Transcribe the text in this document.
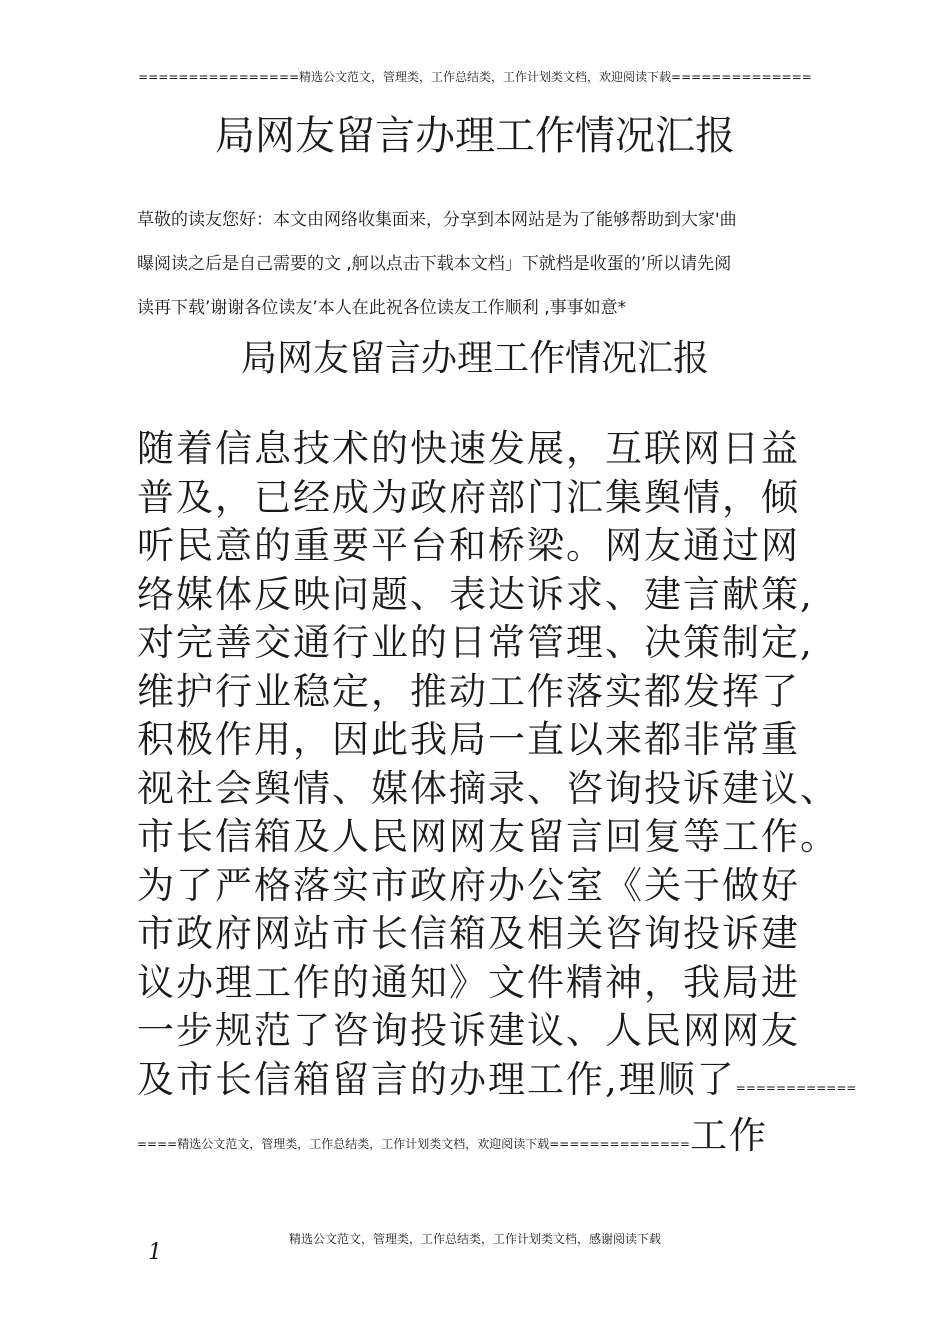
================精选公文范文，管理类，工作总结类，工作计划类文档，欢迎阅读下载==============
局网友留言办理工作情况汇报

草敬的读友您好：本文由网络收集面来，分享到本网站是为了能够帮助到大家'曲

曝阅读之后是自己需要的文 ,舸以点击下载本文档」下就档是收蛋的’所以请先阅

读再下载’谢谢各位读友’本人在此祝各位读友工作顺利 ,事事如意*

局网友留言办理工作情况汇报

随着信息技术的快速发展，互联网日益

普及，已经成为政府部门汇集舆情，倾

听民意的重要平台和桥梁。网友通过网

络媒体反映问题、表达诉求、建言献策,

对完善交通行业的日常管理、决策制定,

维护行业稳定，推动工作落实都发挥了

积极作用，因此我局一直以来都非常重

视社会舆情、媒体摘录、咨询投诉建议、

市长信箱及人民网网友留言回复等工作。

为了严格落实市政府办公室《关于做好

市政府网站市长信箱及相关咨询投诉建

议办理工作的通知》文件精神，我局进

一步规范了咨询投诉建议、人民网网友

及市长信箱留言的办理工作,理顺了============

====精选公文范文，管理类，工作总结类，工作计划类文档，欢迎阅读下载==============工作

精选公文范文，管理类，工作总结类，工作计划类文档，感谢阅读下载
1
